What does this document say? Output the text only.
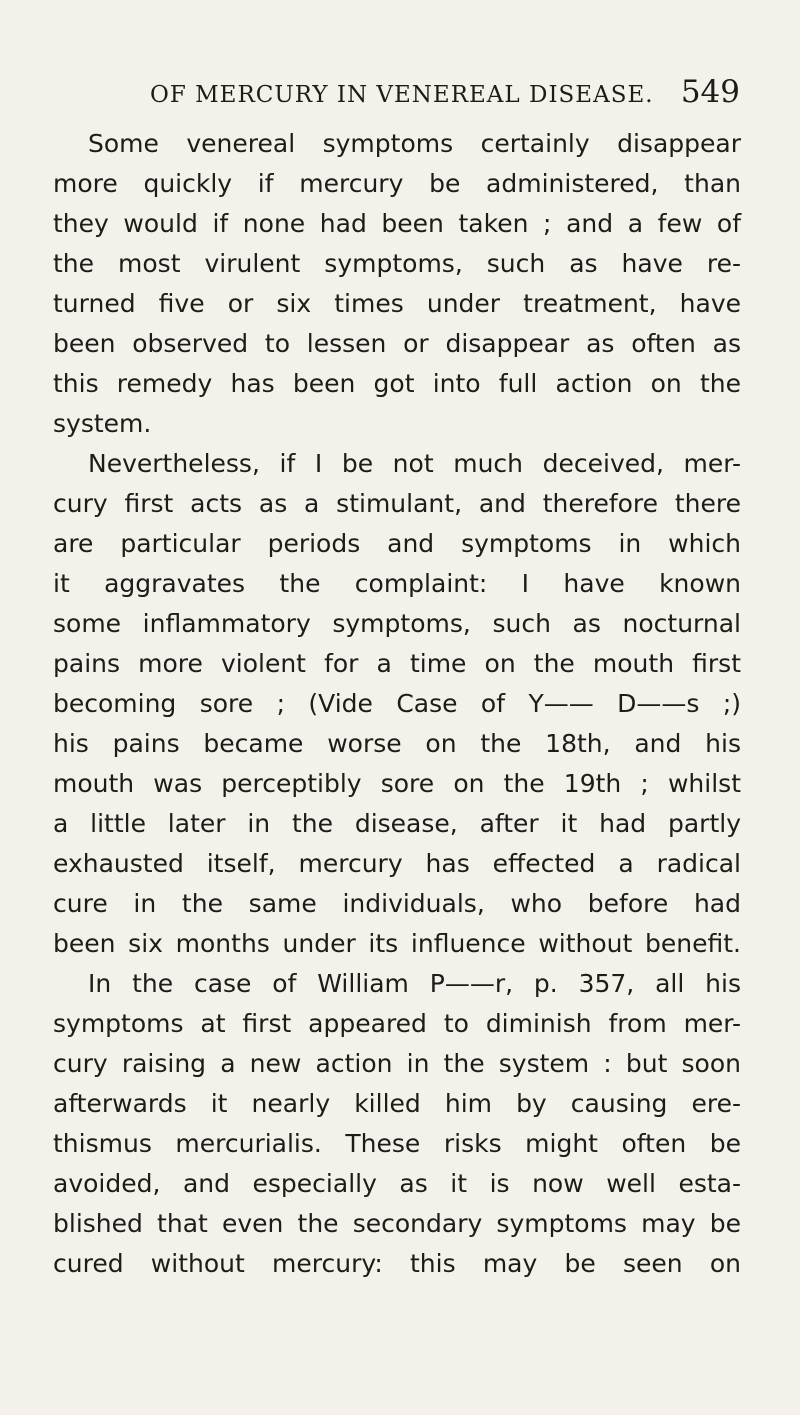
OF MERCURY IN VENEREAL DISEASE. 549
Some venereal symptoms certainly disappear
more quickly if mercury be administered, than
they would if none had been taken ; and a few of
the most virulent symptoms, such as have re-
turned five or six times under treatment, have
been observed to lessen or disappear as often as
this remedy has been got into full action on the
system.
Nevertheless, if I be not much deceived, mer-
cury first acts as a stimulant, and therefore there
are particular periods and symptoms in which
it aggravates the complaint: I have known
some inflammatory symptoms, such as nocturnal
pains more violent for a time on the mouth first
becoming sore ; (Vide Case of Y—— D——s ;)
his pains became worse on the 18th, and his
mouth was perceptibly sore on the 19th ; whilst
a little later in the disease, after it had partly
exhausted itself, mercury has effected a radical
cure in the same individuals, who before had
been six months under its influence without benefit.
In the case of William P——r, p. 357, all his
symptoms at first appeared to diminish from mer-
cury raising a new action in the system : but soon
afterwards it nearly killed him by causing ere-
thismus mercurialis. These risks might often be
avoided, and especially as it is now well esta-
blished that even the secondary symptoms may be
cured without mercury: this may be seen on
